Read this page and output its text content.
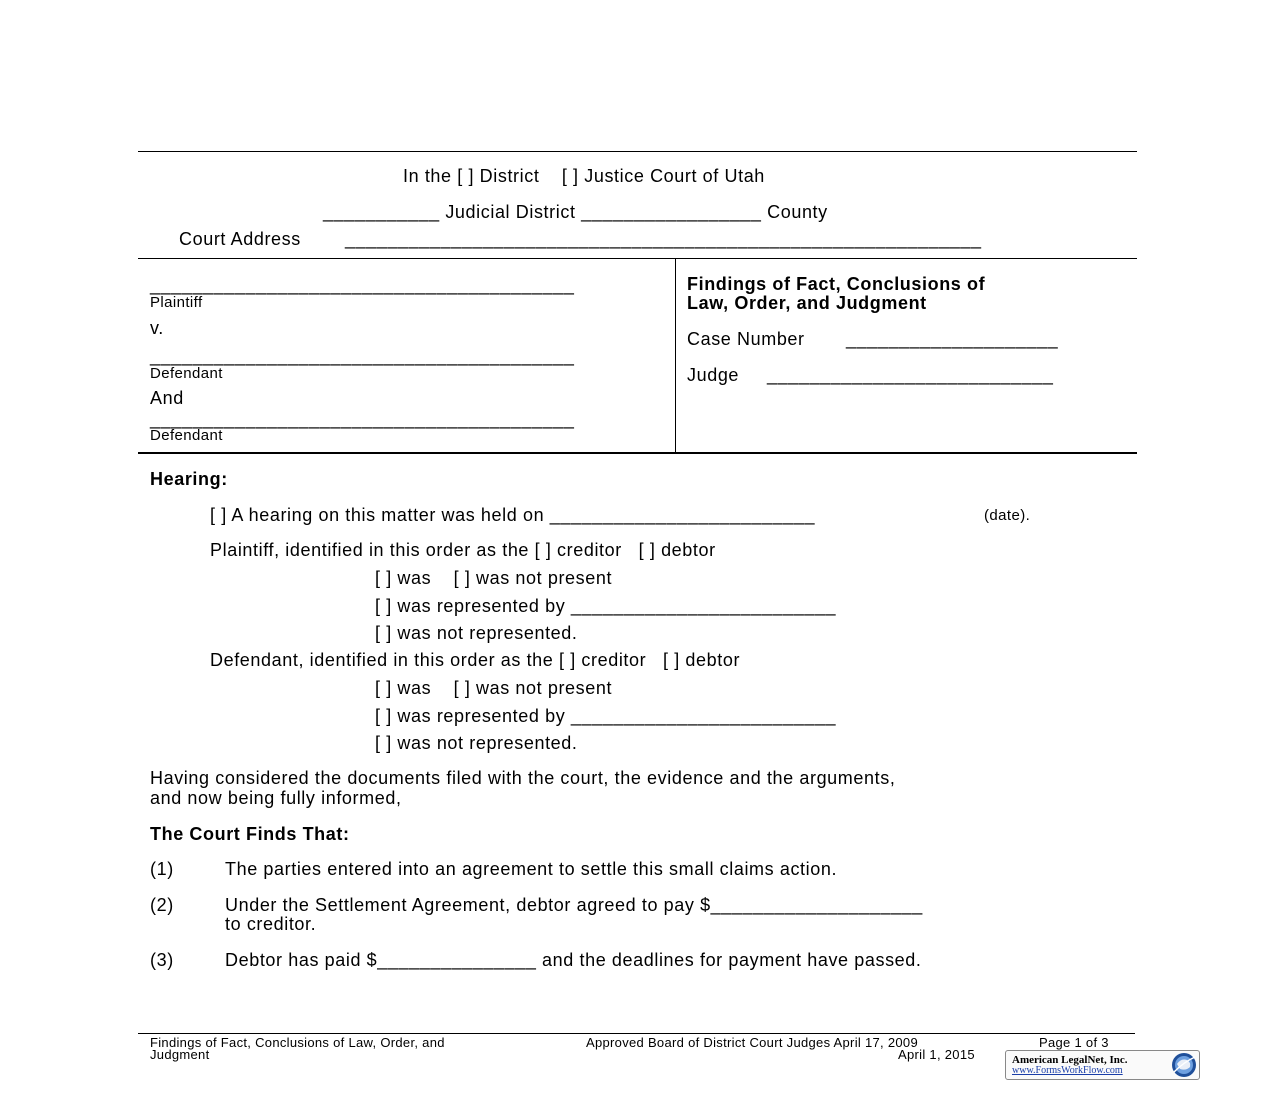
In the [ ] District    [ ] Justice Court of Utah
___________ Judicial District _________________ County
Court Address ____________________________________________________________
________________________________________
Plaintiff
v.
________________________________________
Defendant
And
________________________________________
Defendant
Findings of Fact, Conclusions of
Law, Order, and Judgment
Case Number ____________________
Judge ___________________________
Hearing:
[ ] A hearing on this matter was held on _________________________	(date).
Plaintiff, identified in this order as the [ ] creditor   [ ] debtor
[ ] was    [ ] was not present
[ ] was represented by _________________________
[ ] was not represented.
Defendant, identified in this order as the [ ] creditor   [ ] debtor
[ ] was    [ ] was not present
[ ] was represented by _________________________
[ ] was not represented.
Having considered the documents filed with the court, the evidence and the arguments,
and now being fully informed,
The Court Finds That:
(1)	The parties entered into an agreement to settle this small claims action.
(2)	Under the Settlement Agreement, debtor agreed to pay $____________________
to creditor.
(3)	Debtor has paid $_______________ and the deadlines for payment have passed.
Findings of Fact, Conclusions of Law, Order, and
Judgment
Approved Board of District Court Judges April 17, 2009
April 1, 2015
Page 1 of 3
American LegalNet, Inc.
www.FormsWorkFlow.com
